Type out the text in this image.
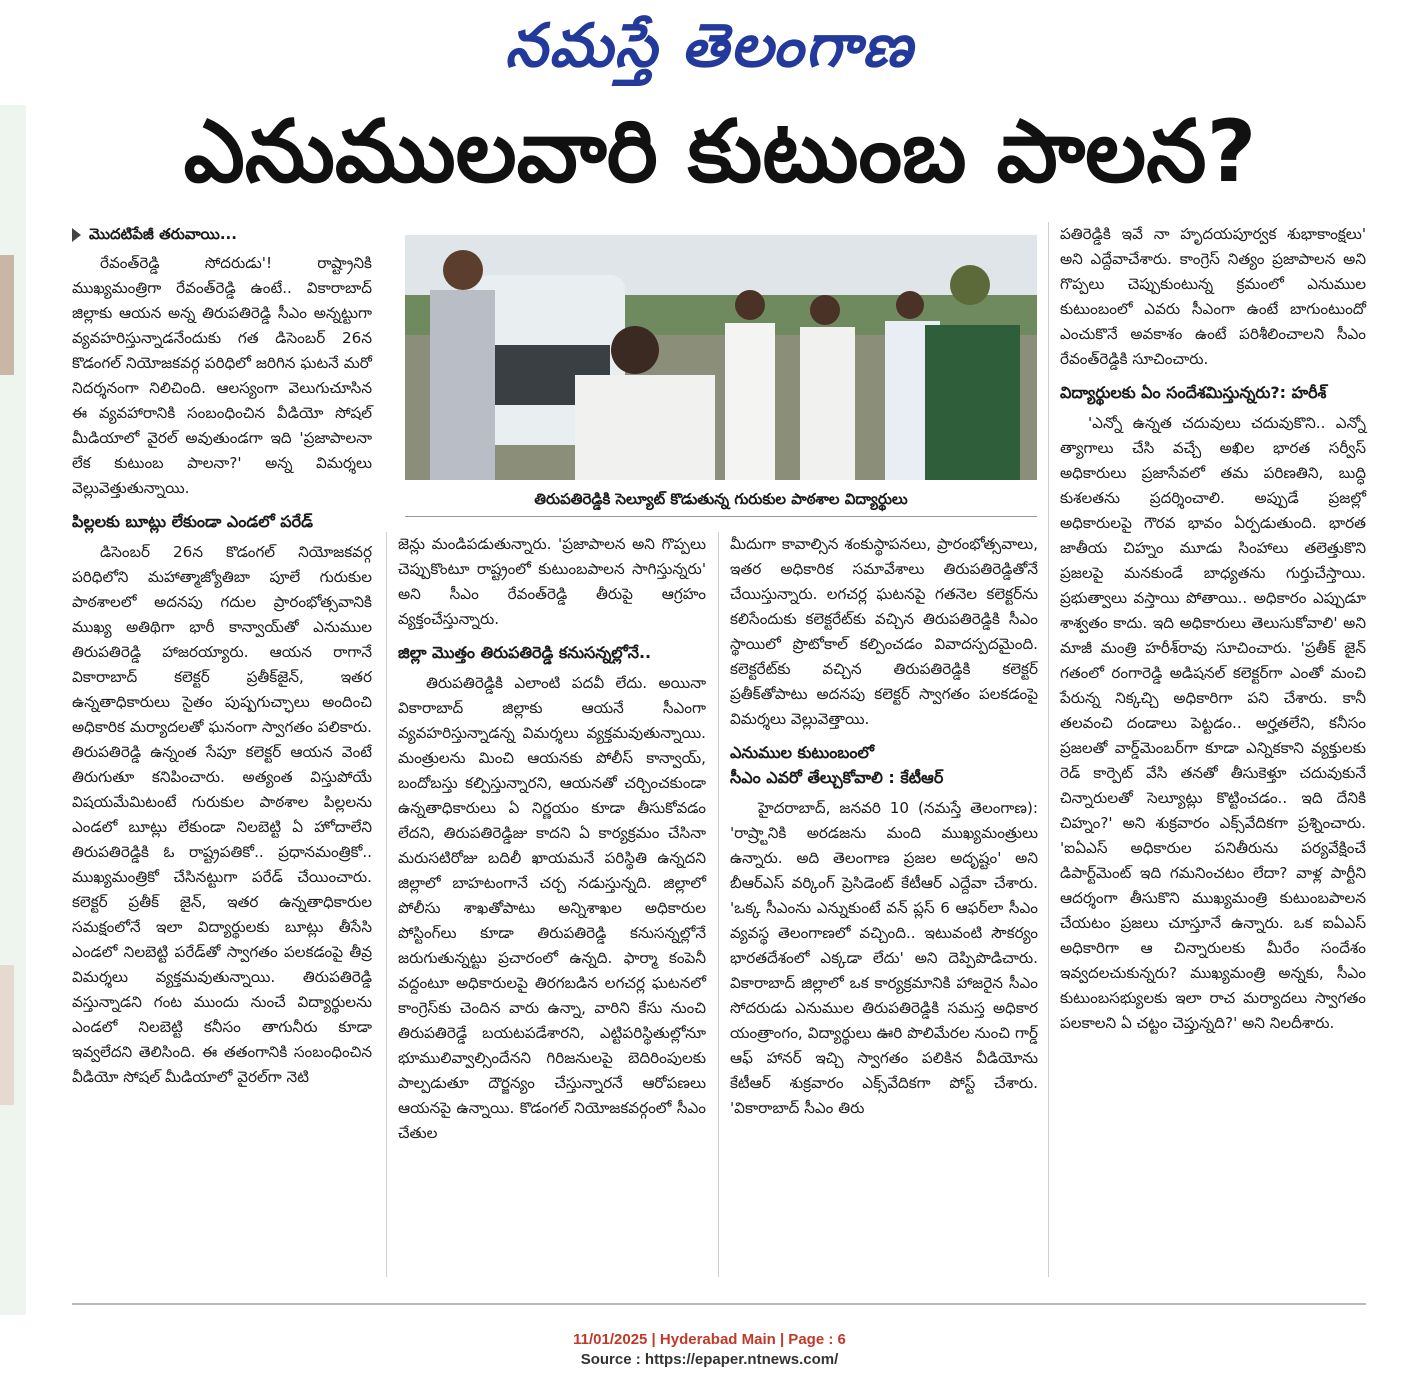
నమస్తే తెలంగాణ
ఎనుములవారి కుటుంబ పాలన?
మొదటిపేజీ తరువాయి...

రేవంత్‌రెడ్డి సోదరుడు'! రాష్ట్రానికి ముఖ్యమంత్రిగా రేవంత్‌రెడ్డి ఉంటే.. వికారాబాద్ జిల్లాకు ఆయన అన్న తిరుపతిరెడ్డి సీఎం అన్నట్టుగా వ్యవహరిస్తున్నాడనేందుకు గత డిసెంబర్ 26న కొడంగల్ నియోజకవర్గ పరిధిలో జరిగిన ఘటనే మరో నిదర్శనంగా నిలిచింది. ఆలస్యంగా వెలుగుచూసిన ఈ వ్యవహారానికి సంబంధించిన వీడియో సోషల్ మీడియాలో వైరల్ అవుతుండగా ఇది 'ప్రజాపాలనా లేక కుటుంబ పాలనా?' అన్న విమర్శలు వెల్లువెత్తుతున్నాయి.

పిల్లలకు బూట్లు లేకుండా ఎండలో పరేడ్

డిసెంబర్ 26న కొడంగల్ నియోజకవర్గ పరిధిలోని మహాత్మాజ్యోతిబా పూలే గురుకుల పాఠశాలలో అదనపు గదుల ప్రారంభోత్సవానికి ముఖ్య అతిథిగా భారీ కాన్వాయ్‌తో ఎనుముల తిరుపతిరెడ్డి హాజరయ్యారు. ఆయన రాగానే వికారాబాద్ కలెక్టర్ ప్రతీక్‌జైన్, ఇతర ఉన్నతాధికారులు సైతం పుష్పగుచ్ఛాలు అందించి అధికారిక మర్యాదలతో ఘనంగా స్వాగతం పలికారు. తిరుపతిరెడ్డి ఉన్నంత సేపూ కలెక్టర్ ఆయన వెంటే తిరుగుతూ కనిపించారు. అత్యంత విస్తుపోయే విషయమేమిటంటే గురుకుల పాఠశాల పిల్లలను ఎండలో బూట్లు లేకుండా నిలబెట్టి ఏ హోదాలేని తిరుపతిరెడ్డికి ఓ రాష్ట్రపతికో.. ప్రధానమంత్రికో.. ముఖ్యమంత్రికో చేసినట్టుగా పరేడ్ చేయించారు. కలెక్టర్ ప్రతీక్ జైన్, ఇతర ఉన్నతాధికారుల సమక్షంలోనే ఇలా విద్యార్థులకు బూట్లు తీసేసి ఎండలో నిలబెట్టి పరేడ్‌తో స్వాగతం పలకడంపై తీవ్ర విమర్శలు వ్యక్తమవుతున్నాయి. తిరుపతిరెడ్డి వస్తున్నాడని గంట ముందు నుంచే విద్యార్థులను ఎండలో నిలబెట్టి కనీసం తాగునీరు కూడా ఇవ్వలేదని తెలిసింది. ఈ తతంగానికి సంబంధించిన వీడియో సోషల్ మీడియాలో వైరల్‌గా నెటి

తిరుపతిరెడ్డికి సెల్యూట్ కొడుతున్న గురుకుల పాఠశాల విద్యార్థులు

జెన్లు మండిపడుతున్నారు. 'ప్రజాపాలన అని గొప్పలు చెప్పుకొంటూ రాష్ట్రంలో కుటుంబపాలన సాగిస్తున్నరు' అని సీఎం రేవంత్‌రెడ్డి తీరుపై ఆగ్రహం వ్యక్తంచేస్తున్నారు.

జిల్లా మొత్తం తిరుపతిరెడ్డి కనుసన్నల్లోనే..

తిరుపతిరెడ్డికి ఎలాంటి పదవీ లేదు. అయినా వికారాబాద్ జిల్లాకు ఆయనే సీఎంగా వ్యవహరిస్తున్నాడన్న విమర్శలు వ్యక్తమవుతున్నాయి. మంత్రులను మించి ఆయనకు పోలీస్ కాన్వాయ్, బందోబస్తు కల్పిస్తున్నారని, ఆయనతో చర్చించకుండా ఉన్నతాధికారులు ఏ నిర్ణయం కూడా తీసుకోవడం లేదని, తిరుపతిరెడ్డిజు కాదని ఏ కార్యక్రమం చేసినా మరుసటిరోజు బదిలీ ఖాయమనే పరిస్థితి ఉన్నదని జిల్లాలో బాహటంగానే చర్చ నడుస్తున్నది. జిల్లాలో పోలీసు శాఖతోపాటు అన్నిశాఖల అధికారుల పోస్టింగ్‌లు కూడా తిరుపతిరెడ్డి కనుసన్నల్లోనే జరుగుతున్నట్టు ప్రచారంలో ఉన్నది. ఫార్మా కంపెనీ వద్దంటూ అధికారులపై తిరగబడిన లగచర్ల ఘటనలో కాంగ్రెస్‌కు చెందిన వారు ఉన్నా, వారిని కేసు నుంచి తిరుపతిరెడ్డే బయటపడేశారని, ఎట్టిపరిస్థితుల్లోనూ భూములివ్వాల్సిందేనని గిరిజనులపై బెదిరింపులకు పాల్పడుతూ దౌర్జన్యం చేస్తున్నారనే ఆరోపణలు ఆయనపై ఉన్నాయి. కొడంగల్ నియోజకవర్గంలో సీఎం చేతుల

మీదుగా కావాల్సిన శంకుస్థాపనలు, ప్రారంభోత్సవాలు, ఇతర అధికారిక సమావేశాలు తిరుపతిరెడ్డితోనే చేయిస్తున్నారు. లగచర్ల ఘటనపై గతనెల కలెక్టర్‌ను కలిసేందుకు కలెక్టరేట్‌కు వచ్చిన తిరుపతిరెడ్డికి సీఎం స్థాయిలో ప్రొటోకాల్ కల్పించడం వివాదస్పదమైంది. కలెక్టరేట్‌కు వచ్చిన తిరుపతిరెడ్డికి కలెక్టర్ ప్రతీక్‌తోపాటు అదనపు కలెక్టర్ స్వాగతం పలకడంపై విమర్శలు వెల్లువెత్తాయి.

ఎనుముల కుటుంబంలో
సీఎం ఎవరో తేల్చుకోవాలి : కేటీఆర్

హైదరాబాద్, జనవరి 10 (నమస్తే తెలంగాణ): 'రాష్ర్టానికి అరడజను మంది ముఖ్యమంత్రులు ఉన్నారు. అది తెలంగాణ ప్రజల అదృష్టం' అని బీఆర్‌ఎస్ వర్కింగ్ ప్రెసిడెంట్ కేటీఆర్ ఎద్దేవా చేశారు. 'ఒక్క సీఎంను ఎన్నుకుంటే వన్ ప్లస్ 6 ఆఫర్‌లా సీఎం వ్యవస్థ తెలంగాణలో వచ్చింది.. ఇటువంటి సౌకర్యం భారతదేశంలో ఎక్కడా లేదు' అని దెప్పిపొడిచారు. వికారాబాద్ జిల్లాలో ఒక కార్యక్రమానికి హాజరైన సీఎం సోదరుడు ఎనుముల తిరుపతిరెడ్డికి సమస్త అధికార యంత్రాంగం, విద్యార్థులు ఊరి పొలిమేరల నుంచి గార్డ్ ఆఫ్ హానర్ ఇచ్చి స్వాగతం పలికిన వీడియోను కేటీఆర్ శుక్రవారం ఎక్స్‌వేదికగా పోస్ట్ చేశారు. 'వికారాబాద్ సీఎం తిరు

పతిరెడ్డికి ఇవే నా హృదయపూర్వక శుభాకాంక్షలు' అని ఎద్దేవాచేశారు. కాంగ్రెస్ నిత్యం ప్రజాపాలన అని గొప్పలు చెప్పుకుంటున్న క్రమంలో ఎనుముల కుటుంబంలో ఎవరు సీఎంగా ఉంటే బాగుంటుందో ఎంచుకొనే అవకాశం ఉంటే పరిశీలించాలని సీఎం రేవంత్‌రెడ్డికి సూచించారు.

విద్యార్థులకు ఏం సందేశమిస్తున్నరు?: హరీశ్

'ఎన్నో ఉన్నత చదువులు చదువుకొని.. ఎన్నో త్యాగాలు చేసి వచ్చే అఖిల భారత సర్వీస్ అధికారులు ప్రజాసేవలో తమ పరిణతిని, బుద్ధి కుశలతను ప్రదర్శించాలి. అప్పుడే ప్రజల్లో అధికారులపై గౌరవ భావం ఏర్పడుతుంది. భారత జాతీయ చిహ్నం మూడు సింహాలు తలెత్తుకొని ప్రజలపై మనకుండే బాధ్యతను గుర్తుచేస్తాయి. ప్రభుత్వాలు వస్తాయి పోతాయి.. అధికారం ఎప్పుడూ శాశ్వతం కాదు. ఇది అధికారులు తెలుసుకోవాలి' అని మాజీ మంత్రి హరీశ్‌రావు సూచించారు. 'ప్రతీక్ జైన్ గతంలో రంగారెడ్డి అడిషనల్ కలెక్టర్‌గా ఎంతో మంచి పేరున్న నిక్కచ్చి అధికారిగా పని చేశారు. కానీ తలవంచి దండాలు పెట్టడం.. అర్హతలేని, కనీసం ప్రజలతో వార్డ్‌మెంబర్‌గా కూడా ఎన్నికకాని వ్యక్తులకు రెడ్ కార్పెట్ వేసి తనతో తీసుకెళ్తూ చదువుకునే చిన్నారులతో సెల్యూట్లు కొట్టించడం.. ఇది దేనికి చిహ్నం?' అని శుక్రవారం ఎక్స్‌వేదికగా ప్రశ్నించారు. 'ఐఏఎస్ అధికారుల పనితీరును పర్యవేక్షించే డిపార్ట్‌మెంట్ ఇది గమనించటం లేదా? వాళ్ల పార్టీని ఆదర్శంగా తీసుకొని ముఖ్యమంత్రి కుటుంబపాలన చేయటం ప్రజలు చూస్తూనే ఉన్నారు. ఒక ఐఏఎస్ అధికారిగా ఆ చిన్నారులకు మీరేం సందేశం ఇవ్వదలచుకున్నరు? ముఖ్యమంత్రి అన్నకు, సీఎం కుటుంబసభ్యులకు ఇలా రాచ మర్యాదలు స్వాగతం పలకాలని ఏ చట్టం చెప్తున్నది?' అని నిలదీశారు.

11/01/2025 | Hyderabad Main | Page : 6
Source : https://epaper.ntnews.com/
